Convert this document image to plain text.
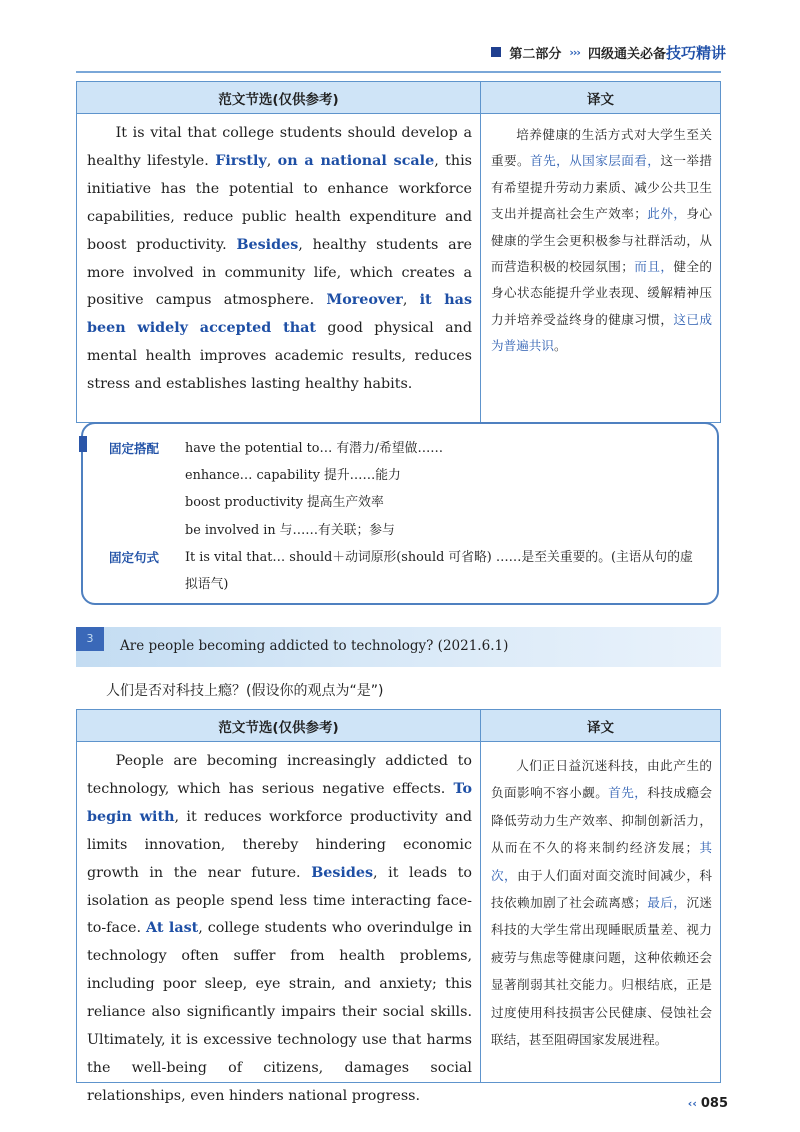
第二部分 ››› 四级通关必备技巧精讲
范文节选(仅供参考)	译文
It is vital that college students should develop a healthy lifestyle. Firstly, on a national scale, this initiative has the potential to enhance workforce capabilities, reduce public health expenditure and boost productivity. Besides, healthy students are more involved in community life, which creates a positive campus atmosphere. Moreover, it has been widely accepted that good physical and mental health improves academic results, reduces stress and establishes lasting healthy habits.
培养健康的生活方式对大学生至关重要。首先，从国家层面看，这一举措有希望提升劳动力素质、减少公共卫生支出并提高社会生产效率；此外，身心健康的学生会更积极参与社群活动，从而营造积极的校园氛围；而且，健全的身心状态能提升学业表现、缓解精神压力并培养受益终身的健康习惯，这已成为普遍共识。
固定搭配	have the potential to… 有潜力/希望做……
enhance… capability 提升……能力
boost productivity 提高生产效率
be involved in 与……有关联；参与
固定句式	It is vital that… should＋动词原形(should 可省略) ……是至关重要的。(主语从句的虚拟语气)
3	Are people becoming addicted to technology? (2021.6.1)
人们是否对科技上瘾？(假设你的观点为“是”)
范文节选(仅供参考)	译文
People are becoming increasingly addicted to technology, which has serious negative effects. To begin with, it reduces workforce productivity and limits innovation, thereby hindering economic growth in the near future. Besides, it leads to isolation as people spend less time interacting face-to-face. At last, college students who overindulge in technology often suffer from health problems, including poor sleep, eye strain, and anxiety; this reliance also significantly impairs their social skills. Ultimately, it is excessive technology use that harms the well-being of citizens, damages social relationships, even hinders national progress.
人们正日益沉迷科技，由此产生的负面影响不容小觑。首先，科技成瘾会降低劳动力生产效率、抑制创新活力，从而在不久的将来制约经济发展；其次，由于人们面对面交流时间减少，科技依赖加剧了社会疏离感；最后，沉迷科技的大学生常出现睡眠质量差、视力疲劳与焦虑等健康问题，这种依赖还会显著削弱其社交能力。归根结底，正是过度使用科技损害公民健康、侵蚀社会联结，甚至阻碍国家发展进程。
‹‹ 085
